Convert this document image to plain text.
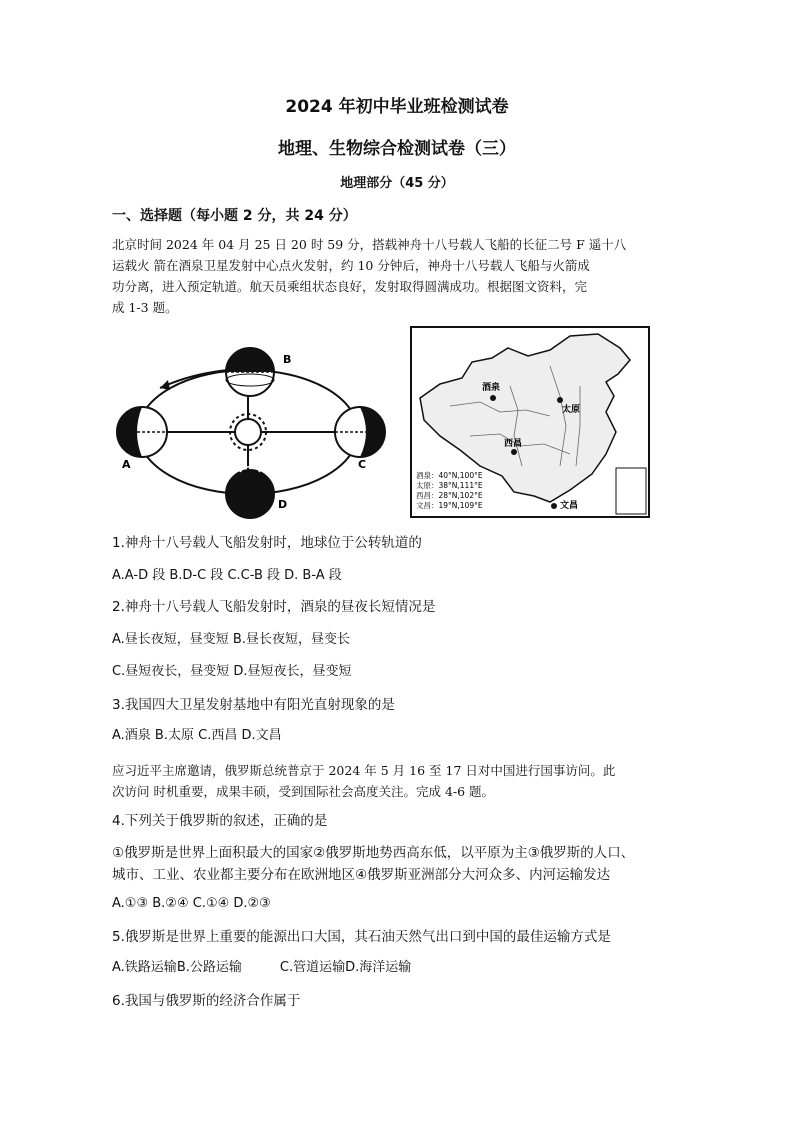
2024 年初中毕业班检测试卷
地理、生物综合检测试卷（三）
地理部分（45 分）
一、选择题（每小题 2 分，共 24 分）
北京时间 2024 年 04 月 25 日 20 时 59 分，搭载神舟十八号载人飞船的长征二号 F 遥十八
运载火 箭在酒泉卫星发射中心点火发射，约 10 分钟后，神舟十八号载人飞船与火箭成
功分离，进入预定轨道。航天员乘组状态良好，发射取得圆满成功。根据图文资料，完
成 1-3 题。
B
A	C
D
酒泉
太原
西昌
文昌
酒泉：40°N,100°E
太原：38°N,111°E
西昌：28°N,102°E
文昌：19°N,109°E
1.神舟十八号载人飞船发射时，地球位于公转轨道的
A.A-D 段 B.D-C 段 C.C-B 段 D. B-A 段
2.神舟十八号载人飞船发射时，酒泉的昼夜长短情况是
A.昼长夜短，昼变短 B.昼长夜短，昼变长
C.昼短夜长，昼变短 D.昼短夜长，昼变短
3.我国四大卫星发射基地中有阳光直射现象的是
A.酒泉 B.太原 C.西昌 D.文昌
应习近平主席邀请，俄罗斯总统普京于 2024 年 5 月 16 至 17 日对中国进行国事访问。此
次访问 时机重要，成果丰硕，受到国际社会高度关注。完成 4-6 题。
4.下列关于俄罗斯的叙述，正确的是
①俄罗斯是世界上面积最大的国家②俄罗斯地势西高东低，以平原为主③俄罗斯的人口、
城市、工业、农业都主要分布在欧洲地区④俄罗斯亚洲部分大河众多、内河运输发达
A.①③ B.②④ C.①④ D.②③
5.俄罗斯是世界上重要的能源出口大国，其石油天然气出口到中国的最佳运输方式是
A.铁路运输B.公路运输	C.管道运输D.海洋运输
6.我国与俄罗斯的经济合作属于
